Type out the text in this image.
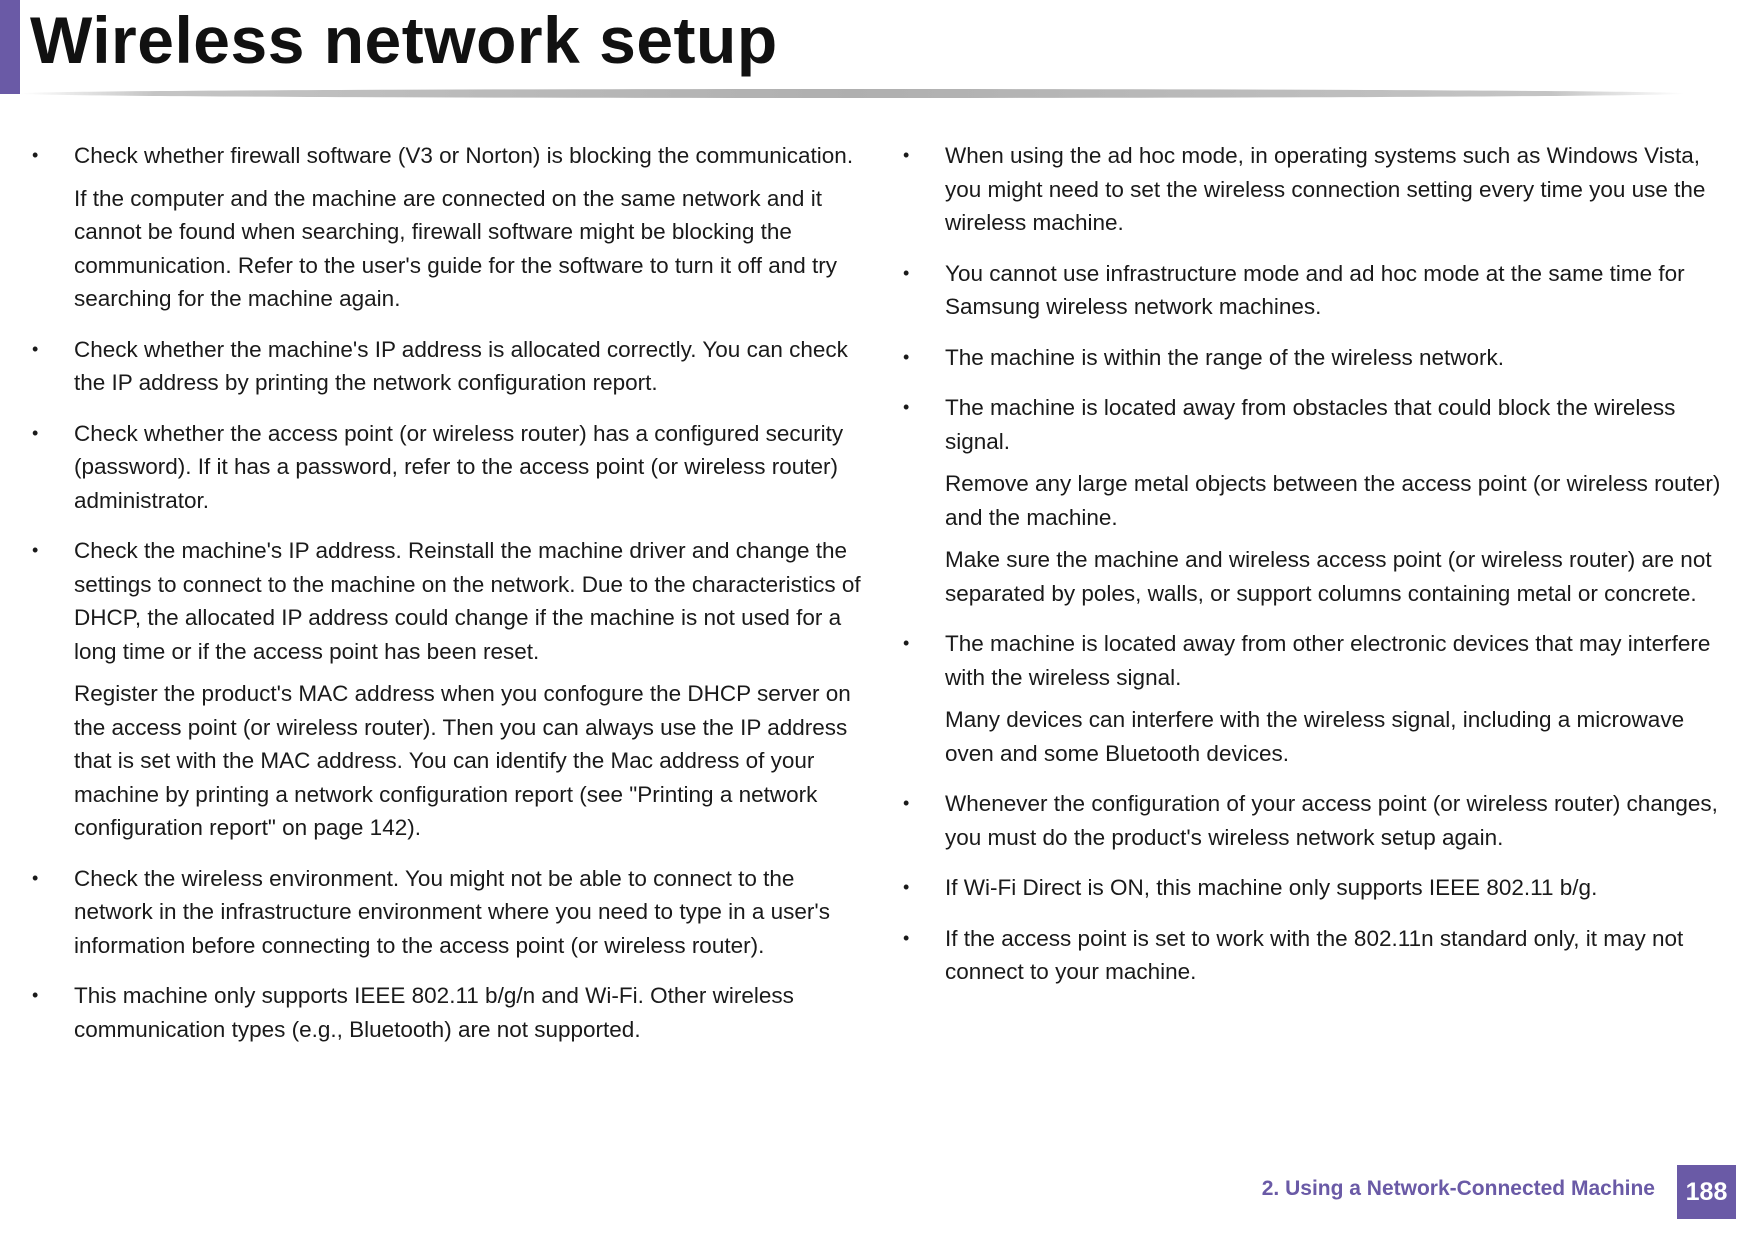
Wireless network setup
•	Check whether firewall software (V3 or Norton) is blocking the communication.

If the computer and the machine are connected on the same network and it cannot be found when searching, firewall software might be blocking the communication. Refer to the user's guide for the software to turn it off and try searching for the machine again.

•	Check whether the machine's IP address is allocated correctly. You can check the IP address by printing the network configuration report.

•	Check whether the access point (or wireless router) has a configured security (password). If it has a password, refer to the access point (or wireless router) administrator.

•	Check the machine's IP address. Reinstall the machine driver and change the settings to connect to the machine on the network. Due to the characteristics of DHCP, the allocated IP address could change if the machine is not used for a long time or if the access point has been reset.

Register the product's MAC address when you confogure the DHCP server on the access point (or wireless router). Then you can always use the IP address that is set with the MAC address. You can identify the Mac address of your machine by printing a network configuration report (see "Printing a network configuration report" on page 142).

•	Check the wireless environment. You might not be able to connect to the network in the infrastructure environment where you need to type in a user's information before connecting to the access point (or wireless router).

•	This machine only supports IEEE 802.11 b/g/n and Wi-Fi. Other wireless communication types (e.g., Bluetooth) are not supported.

•	When using the ad hoc mode, in operating systems such as Windows Vista, you might need to set the wireless connection setting every time you use the wireless machine.

•	You cannot use infrastructure mode and ad hoc mode at the same time for Samsung wireless network machines.

•	The machine is within the range of the wireless network.

•	The machine is located away from obstacles that could block the wireless signal.

Remove any large metal objects between the access point (or wireless router) and the machine.

Make sure the machine and wireless access point (or wireless router) are not separated by poles, walls, or support columns containing metal or concrete.

•	The machine is located away from other electronic devices that may interfere with the wireless signal.

Many devices can interfere with the wireless signal, including a microwave oven and some Bluetooth devices.

•	Whenever the configuration of your access point (or wireless router) changes, you must do the product's wireless network setup again.

•	If Wi-Fi Direct is ON, this machine only supports IEEE 802.11 b/g.

•	If the access point is set to work with the 802.11n standard only, it may not connect to your machine.

2. Using a Network-Connected Machine	188
